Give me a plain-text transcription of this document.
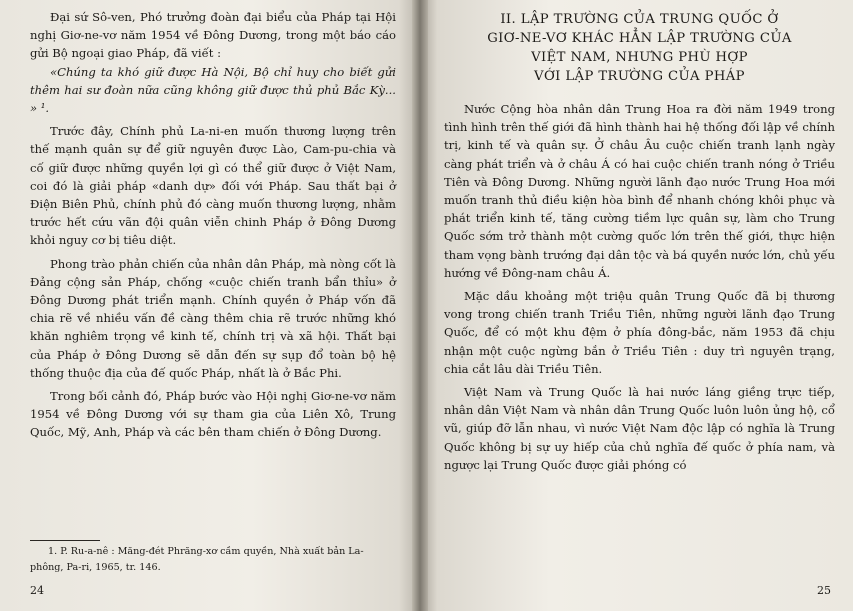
Đại sứ Sô-ven, Phó trưởng đoàn đại biểu của Pháp tại Hội nghị Giơ-ne-vơ năm 1954 về Đông Dương, trong một báo cáo gửi Bộ ngoại giao Pháp, đã viết :

«Chúng ta khó giữ được Hà Nội, Bộ chỉ huy cho biết gửi thêm hai sư đoàn nữa cũng không giữ được thủ phủ Bắc Kỳ... » ¹.

Trước đây, Chính phủ La-ni-en muốn thương lượng trên thế mạnh quân sự để giữ nguyên được Lào, Cam-pu-chia và cố giữ được những quyền lợi gì có thể giữ được ở Việt Nam, coi đó là giải pháp «danh dự» đối với Pháp. Sau thất bại ở Điện Biên Phủ, chính phủ đó càng muốn thương lượng, nhằm trước hết cứu vãn đội quân viễn chinh Pháp ở Đông Dương khỏi nguy cơ bị tiêu diệt.

Phong trào phản chiến của nhân dân Pháp, mà nòng cốt là Đảng cộng sản Pháp, chống «cuộc chiến tranh bẩn thỉu» ở Đông Dương phát triển mạnh. Chính quyền ở Pháp vốn đã chia rẽ về nhiều vấn đề càng thêm chia rẽ trước những khó khăn nghiêm trọng về kinh tế, chính trị và xã hội. Thất bại của Pháp ở Đông Dương sẽ dẫn đến sự sụp đổ toàn bộ hệ thống thuộc địa của đế quốc Pháp, nhất là ở Bắc Phi.

Trong bối cảnh đó, Pháp bước vào Hội nghị Giơ-ne-vơ năm 1954 về Đông Dương với sự tham gia của Liên Xô, Trung Quốc, Mỹ, Anh, Pháp và các bên tham chiến ở Đông Dương.

1. P. Ru-a-nê : Măng-đét Phrăng-xơ cầm quyền, Nhà xuất bản La-phông, Pa-ri, 1965, tr. 146.

24
II. LẬP TRƯỜNG CỦA TRUNG QUỐC Ở
GIƠ-NE-VƠ KHÁC HẲN LẬP TRƯỜNG CỦA
VIỆT NAM, NHƯNG PHÙ HỢP
VỚI LẬP TRƯỜNG CỦA PHÁP

Nước Cộng hòa nhân dân Trung Hoa ra đời năm 1949 trong tình hình trên thế giới đã hình thành hai hệ thống đối lập về chính trị, kinh tế và quân sự. Ở châu Âu cuộc chiến tranh lạnh ngày càng phát triển và ở châu Á có hai cuộc chiến tranh nóng ở Triều Tiên và Đông Dương. Những người lãnh đạo nước Trung Hoa mới muốn tranh thủ điều kiện hòa bình để nhanh chóng khôi phục và phát triển kinh tế, tăng cường tiềm lực quân sự, làm cho Trung Quốc sớm trở thành một cường quốc lớn trên thế giới, thực hiện tham vọng bành trướng đại dân tộc và bá quyền nước lớn, chủ yếu hướng về Đông-nam châu Á.

Mặc dầu khoảng một triệu quân Trung Quốc đã bị thương vong trong chiến tranh Triều Tiên, những người lãnh đạo Trung Quốc, để có một khu đệm ở phía đông-bắc, năm 1953 đã chịu nhận một cuộc ngừng bắn ở Triều Tiên : duy trì nguyên trạng, chia cắt lâu dài Triều Tiên.

Việt Nam và Trung Quốc là hai nước láng giềng trực tiếp, nhân dân Việt Nam và nhân dân Trung Quốc luôn luôn ủng hộ, cổ vũ, giúp đỡ lẫn nhau, vì nước Việt Nam độc lập có nghĩa là Trung Quốc không bị sự uy hiếp của chủ nghĩa đế quốc ở phía nam, và ngược lại Trung Quốc được giải phóng có

25
